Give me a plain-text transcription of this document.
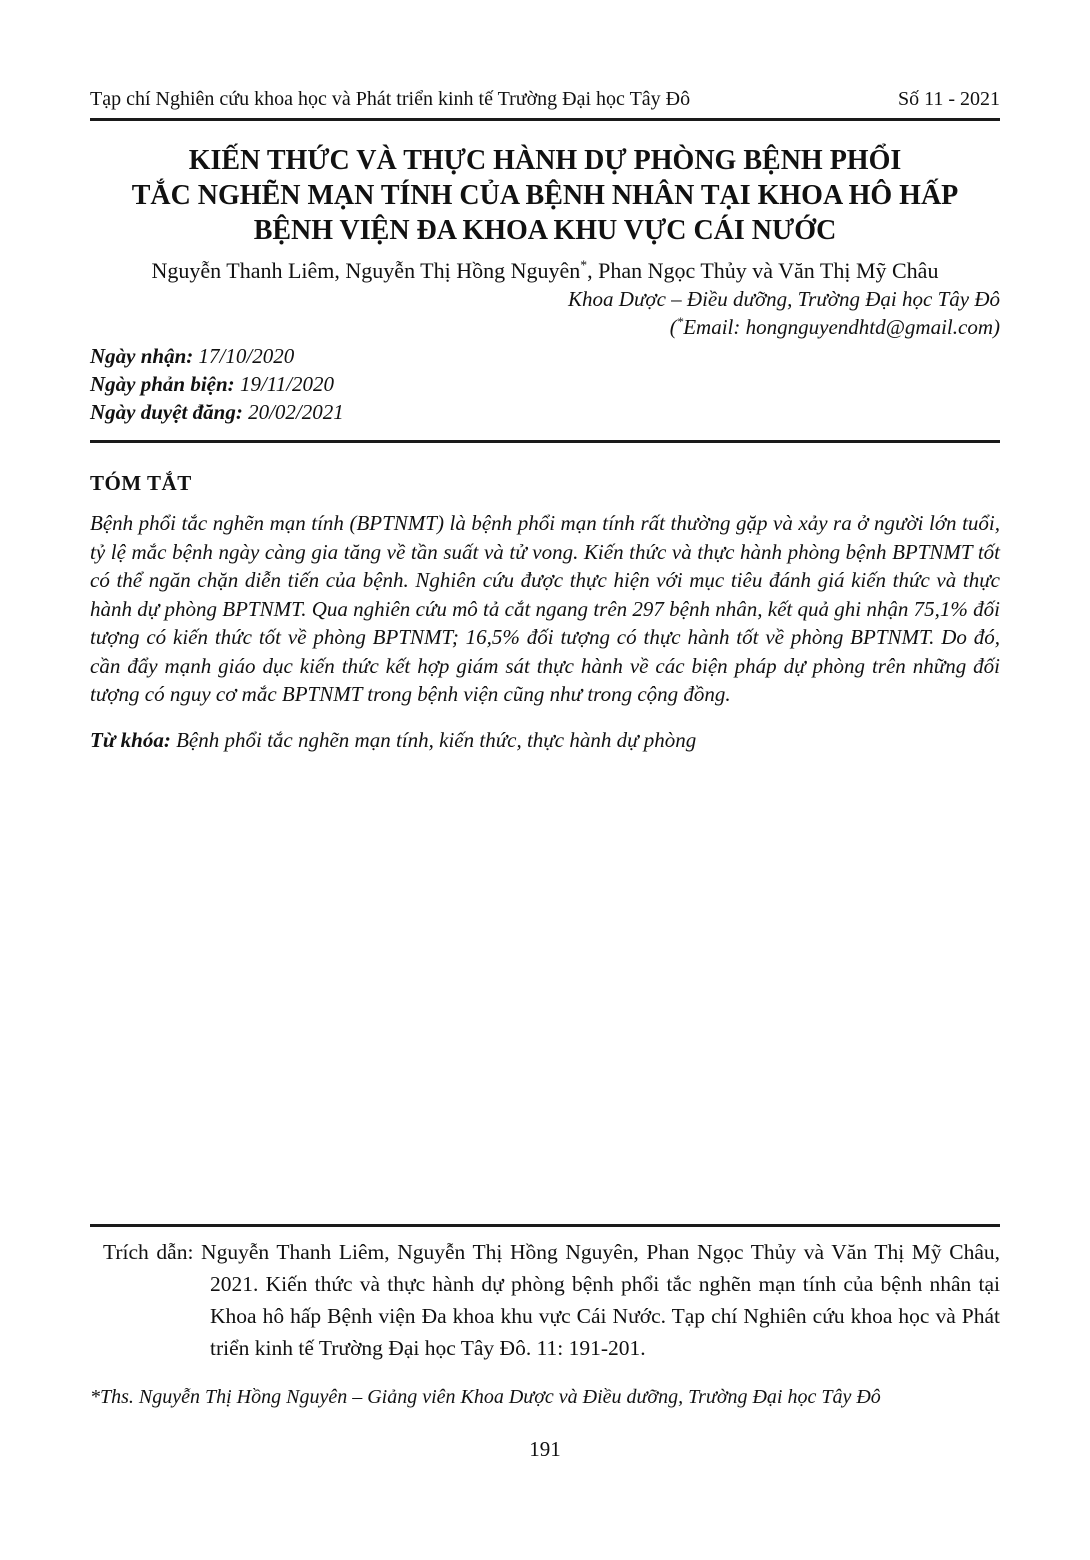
Tạp chí Nghiên cứu khoa học và Phát triển kinh tế Trường Đại học Tây Đô	Số 11 - 2021
KIẾN THỨC VÀ THỰC HÀNH DỰ PHÒNG BỆNH PHỔI
TẮC NGHẼN MẠN TÍNH CỦA BỆNH NHÂN TẠI KHOA HÔ HẤP
BỆNH VIỆN ĐA KHOA KHU VỰC CÁI NƯỚC
Nguyễn Thanh Liêm, Nguyễn Thị Hồng Nguyên*, Phan Ngọc Thủy và Văn Thị Mỹ Châu
Khoa Dược – Điều dưỡng, Trường Đại học Tây Đô
(*Email: hongnguyendhtd@gmail.com)
Ngày nhận: 17/10/2020
Ngày phản biện: 19/11/2020
Ngày duyệt đăng: 20/02/2021
TÓM TẮT

Bệnh phổi tắc nghẽn mạn tính (BPTNMT) là bệnh phổi mạn tính rất thường gặp và xảy ra ở người lớn tuổi, tỷ lệ mắc bệnh ngày càng gia tăng về tần suất và tử vong. Kiến thức và thực hành phòng bệnh BPTNMT tốt có thể ngăn chặn diễn tiến của bệnh. Nghiên cứu được thực hiện với mục tiêu đánh giá kiến thức và thực hành dự phòng BPTNMT. Qua nghiên cứu mô tả cắt ngang trên 297 bệnh nhân, kết quả ghi nhận 75,1% đối tượng có kiến thức tốt về phòng BPTNMT; 16,5% đối tượng có thực hành tốt về phòng BPTNMT. Do đó, cần đẩy mạnh giáo dục kiến thức kết hợp giám sát thực hành về các biện pháp dự phòng trên những đối tượng có nguy cơ mắc BPTNMT trong bệnh viện cũng như trong cộng đồng.

Từ khóa: Bệnh phổi tắc nghẽn mạn tính, kiến thức, thực hành dự phòng

Trích dẫn: Nguyễn Thanh Liêm, Nguyễn Thị Hồng Nguyên, Phan Ngọc Thủy và Văn Thị Mỹ Châu, 2021. Kiến thức và thực hành dự phòng bệnh phổi tắc nghẽn mạn tính của bệnh nhân tại Khoa hô hấp Bệnh viện Đa khoa khu vực Cái Nước. Tạp chí Nghiên cứu khoa học và Phát triển kinh tế Trường Đại học Tây Đô. 11: 191-201.

*Ths. Nguyễn Thị Hồng Nguyên – Giảng viên Khoa Dược và Điều dưỡng, Trường Đại học Tây Đô

191
